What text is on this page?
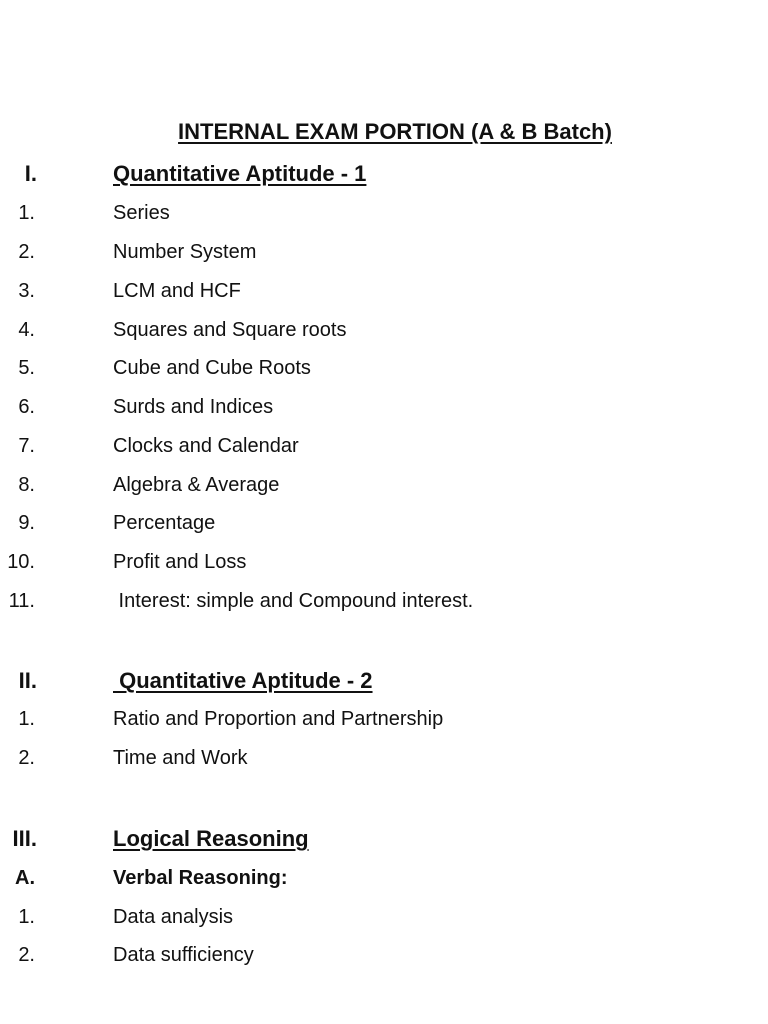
INTERNAL EXAM PORTION (A & B Batch)
I.	Quantitative Aptitude - 1
1.	Series
2.	Number System
3.	LCM and HCF
4.	Squares and Square roots
5.	Cube and Cube Roots
6.	Surds and Indices
7.	Clocks and Calendar
8.	Algebra & Average
9.	Percentage
10.	Profit and Loss
11.	Interest: simple and Compound interest.
II.	Quantitative Aptitude - 2
1.	Ratio and Proportion and Partnership
2.	Time and Work
III.	Logical Reasoning
A.	Verbal Reasoning:
1.	Data analysis
2.	Data sufficiency
